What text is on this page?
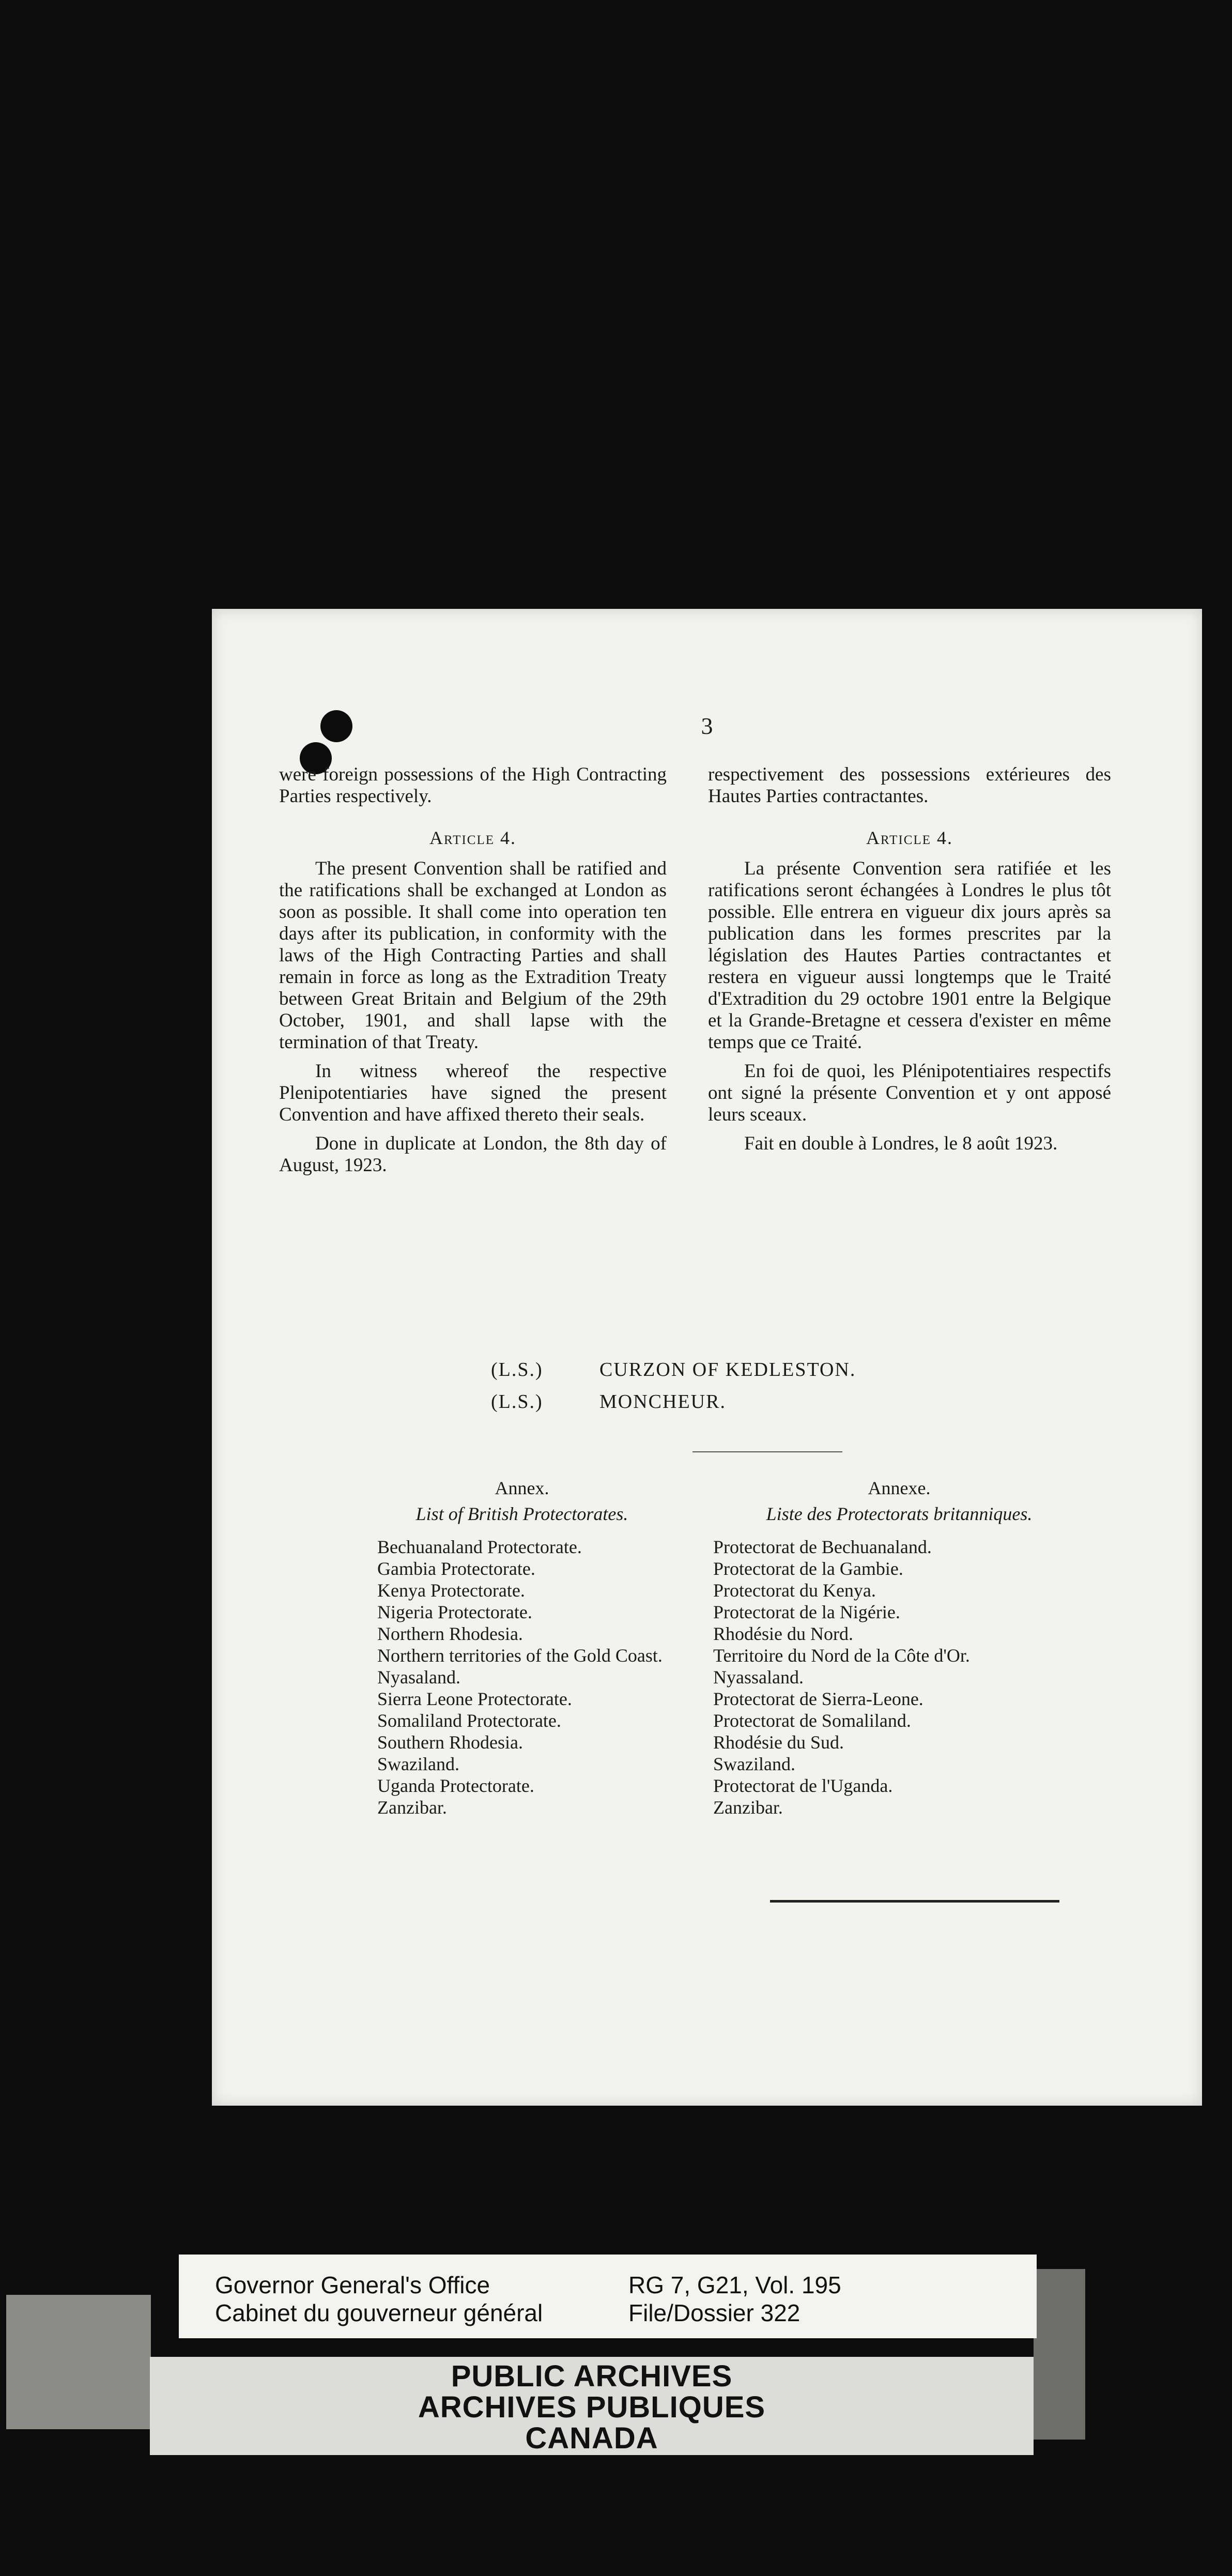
3

were foreign possessions of the High Contracting Parties respectively.

Article 4.

The present Convention shall be ratified and the ratifications shall be exchanged at London as soon as possible. It shall come into operation ten days after its publication, in conformity with the laws of the High Contracting Parties and shall remain in force as long as the Extradition Treaty between Great Britain and Belgium of the 29th October, 1901, and shall lapse with the termination of that Treaty.

In witness whereof the respective Plenipotentiaries have signed the present Convention and have affixed thereto their seals.

Done in duplicate at London, the 8th day of August, 1923.

respectivement des possessions extérieures des Hautes Parties contractantes.

Article 4.

La présente Convention sera ratifiée et les ratifications seront échangées à Londres le plus tôt possible. Elle entrera en vigueur dix jours après sa publication dans les formes prescrites par la législation des Hautes Parties contractantes et restera en vigueur aussi longtemps que le Traité d'Extradition du 29 octobre 1901 entre la Belgique et la Grande-Bretagne et cessera d'exister en même temps que ce Traité.

En foi de quoi, les Plénipotentiaires respectifs ont signé la présente Convention et y ont apposé leurs sceaux.

Fait en double à Londres, le 8 août 1923.

(L.S.)	CURZON OF KEDLESTON.
(L.S.)	MONCHEUR.
Annex.
List of British Protectorates.
Bechuanaland Protectorate.
Gambia Protectorate.
Kenya Protectorate.
Nigeria Protectorate.
Northern Rhodesia.
Northern territories of the Gold Coast.
Nyasaland.
Sierra Leone Protectorate.
Somaliland Protectorate.
Southern Rhodesia.
Swaziland.
Uganda Protectorate.
Zanzibar.
Annexe.
Liste des Protectorats britanniques.
Protectorat de Bechuanaland.
Protectorat de la Gambie.
Protectorat du Kenya.
Protectorat de la Nigérie.
Rhodésie du Nord.
Territoire du Nord de la Côte d'Or.
Nyassaland.
Protectorat de Sierra-Leone.
Protectorat de Somaliland.
Rhodésie du Sud.
Swaziland.
Protectorat de l'Uganda.
Zanzibar.
Governor General's Office
Cabinet du gouverneur général
RG 7, G21, Vol. 195
File/Dossier 322
PUBLIC ARCHIVES
ARCHIVES PUBLIQUES
CANADA
